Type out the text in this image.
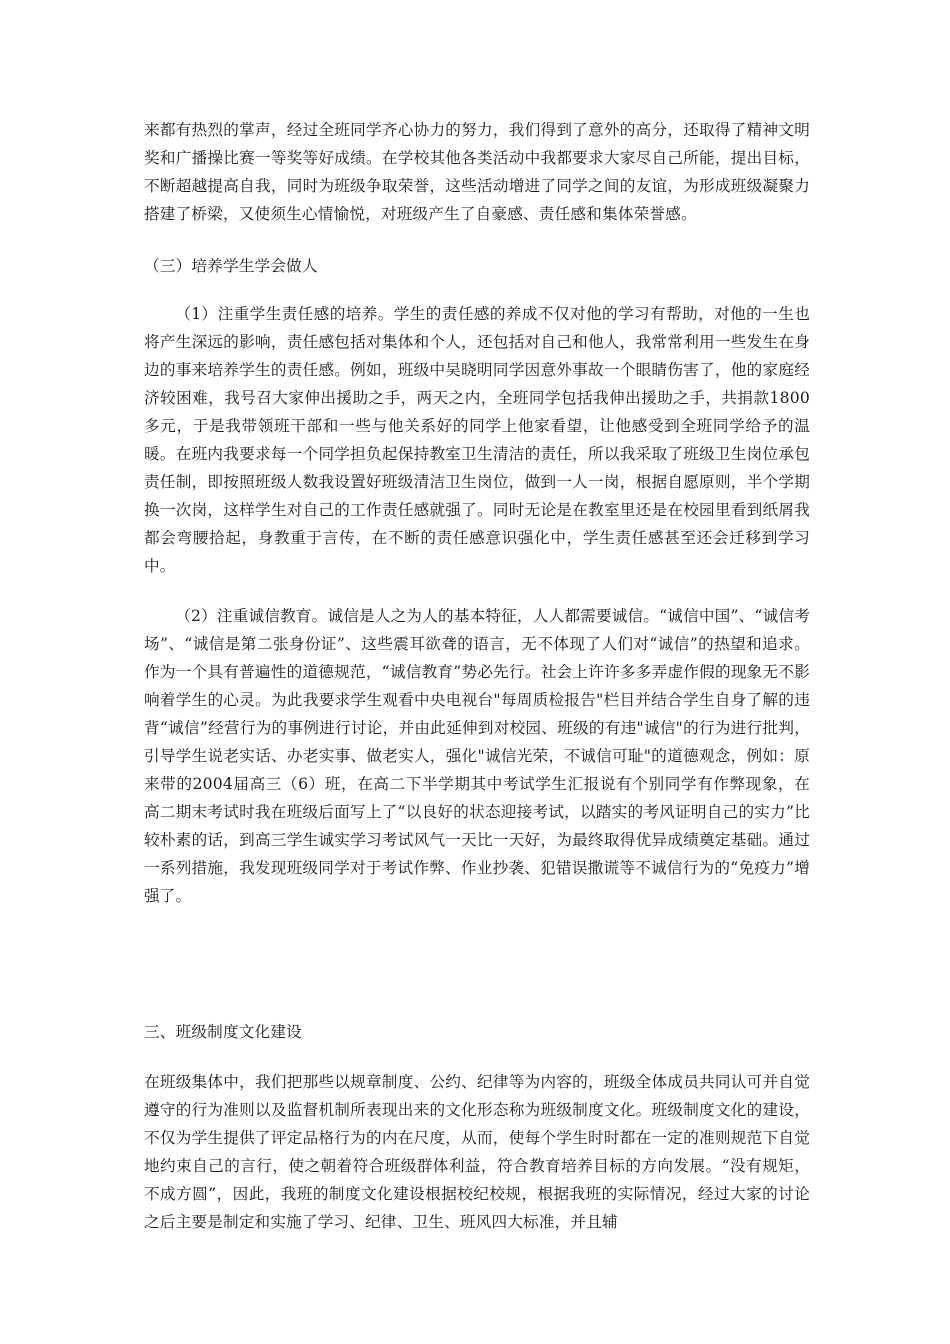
来都有热烈的掌声，经过全班同学齐心协力的努力，我们得到了意外的高分，还取得了精神文明奖和广播操比赛一等奖等好成绩。在学校其他各类活动中我都要求大家尽自己所能，提出目标，不断超越提高自我，同时为班级争取荣誉，这些活动增进了同学之间的友谊，为形成班级凝聚力搭建了桥梁，又使须生心情愉悦，对班级产生了自豪感、责任感和集体荣誉感。

（三）培养学生学会做人

（1）注重学生责任感的培养。学生的责任感的养成不仅对他的学习有帮助，对他的一生也将产生深远的影响，责任感包括对集体和个人，还包括对自己和他人，我常常利用一些发生在身边的事来培养学生的责任感。例如，班级中吴晓明同学因意外事故一个眼睛伤害了，他的家庭经济较困难，我号召大家伸出援助之手，两天之内，全班同学包括我伸出援助之手，共捐款1800多元，于是我带领班干部和一些与他关系好的同学上他家看望，让他感受到全班同学给予的温暖。在班内我要求每一个同学担负起保持教室卫生清洁的责任，所以我采取了班级卫生岗位承包责任制，即按照班级人数我设置好班级清洁卫生岗位，做到一人一岗，根据自愿原则，半个学期换一次岗，这样学生对自己的工作责任感就强了。同时无论是在教室里还是在校园里看到纸屑我都会弯腰拾起，身教重于言传，在不断的责任感意识强化中，学生责任感甚至还会迁移到学习中。

（2）注重诚信教育。诚信是人之为人的基本特征，人人都需要诚信。“诚信中国”、“诚信考场”、“诚信是第二张身份证”、这些震耳欲聋的语言，无不体现了人们对“诚信”的热望和追求。作为一个具有普遍性的道德规范，“诚信教育”势必先行。社会上许许多多弄虚作假的现象无不影响着学生的心灵。为此我要求学生观看中央电视台"每周质检报告"栏目并结合学生自身了解的违背“诚信”经营行为的事例进行讨论，并由此延伸到对校园、班级的有违"诚信"的行为进行批判，引导学生说老实话、办老实事、做老实人，强化"诚信光荣，不诚信可耻"的道德观念，例如：原来带的2004届高三（6）班，在高二下半学期其中考试学生汇报说有个别同学有作弊现象，在高二期末考试时我在班级后面写上了“以良好的状态迎接考试，以踏实的考风证明自己的实力”比较朴素的话，到高三学生诚实学习考试风气一天比一天好，为最终取得优异成绩奠定基础。通过一系列措施，我发现班级同学对于考试作弊、作业抄袭、犯错误撒谎等不诚信行为的“免疫力”增强了。

三、班级制度文化建设

在班级集体中，我们把那些以规章制度、公约、纪律等为内容的，班级全体成员共同认可并自觉遵守的行为准则以及监督机制所表现出来的文化形态称为班级制度文化。班级制度文化的建设，不仅为学生提供了评定品格行为的内在尺度，从而，使每个学生时时都在一定的准则规范下自觉地约束自己的言行，使之朝着符合班级群体利益，符合教育培养目标的方向发展。“没有规矩，不成方圆”，因此，我班的制度文化建设根据校纪校规，根据我班的实际情况，经过大家的讨论之后主要是制定和实施了学习、纪律、卫生、班风四大标准，并且辅
